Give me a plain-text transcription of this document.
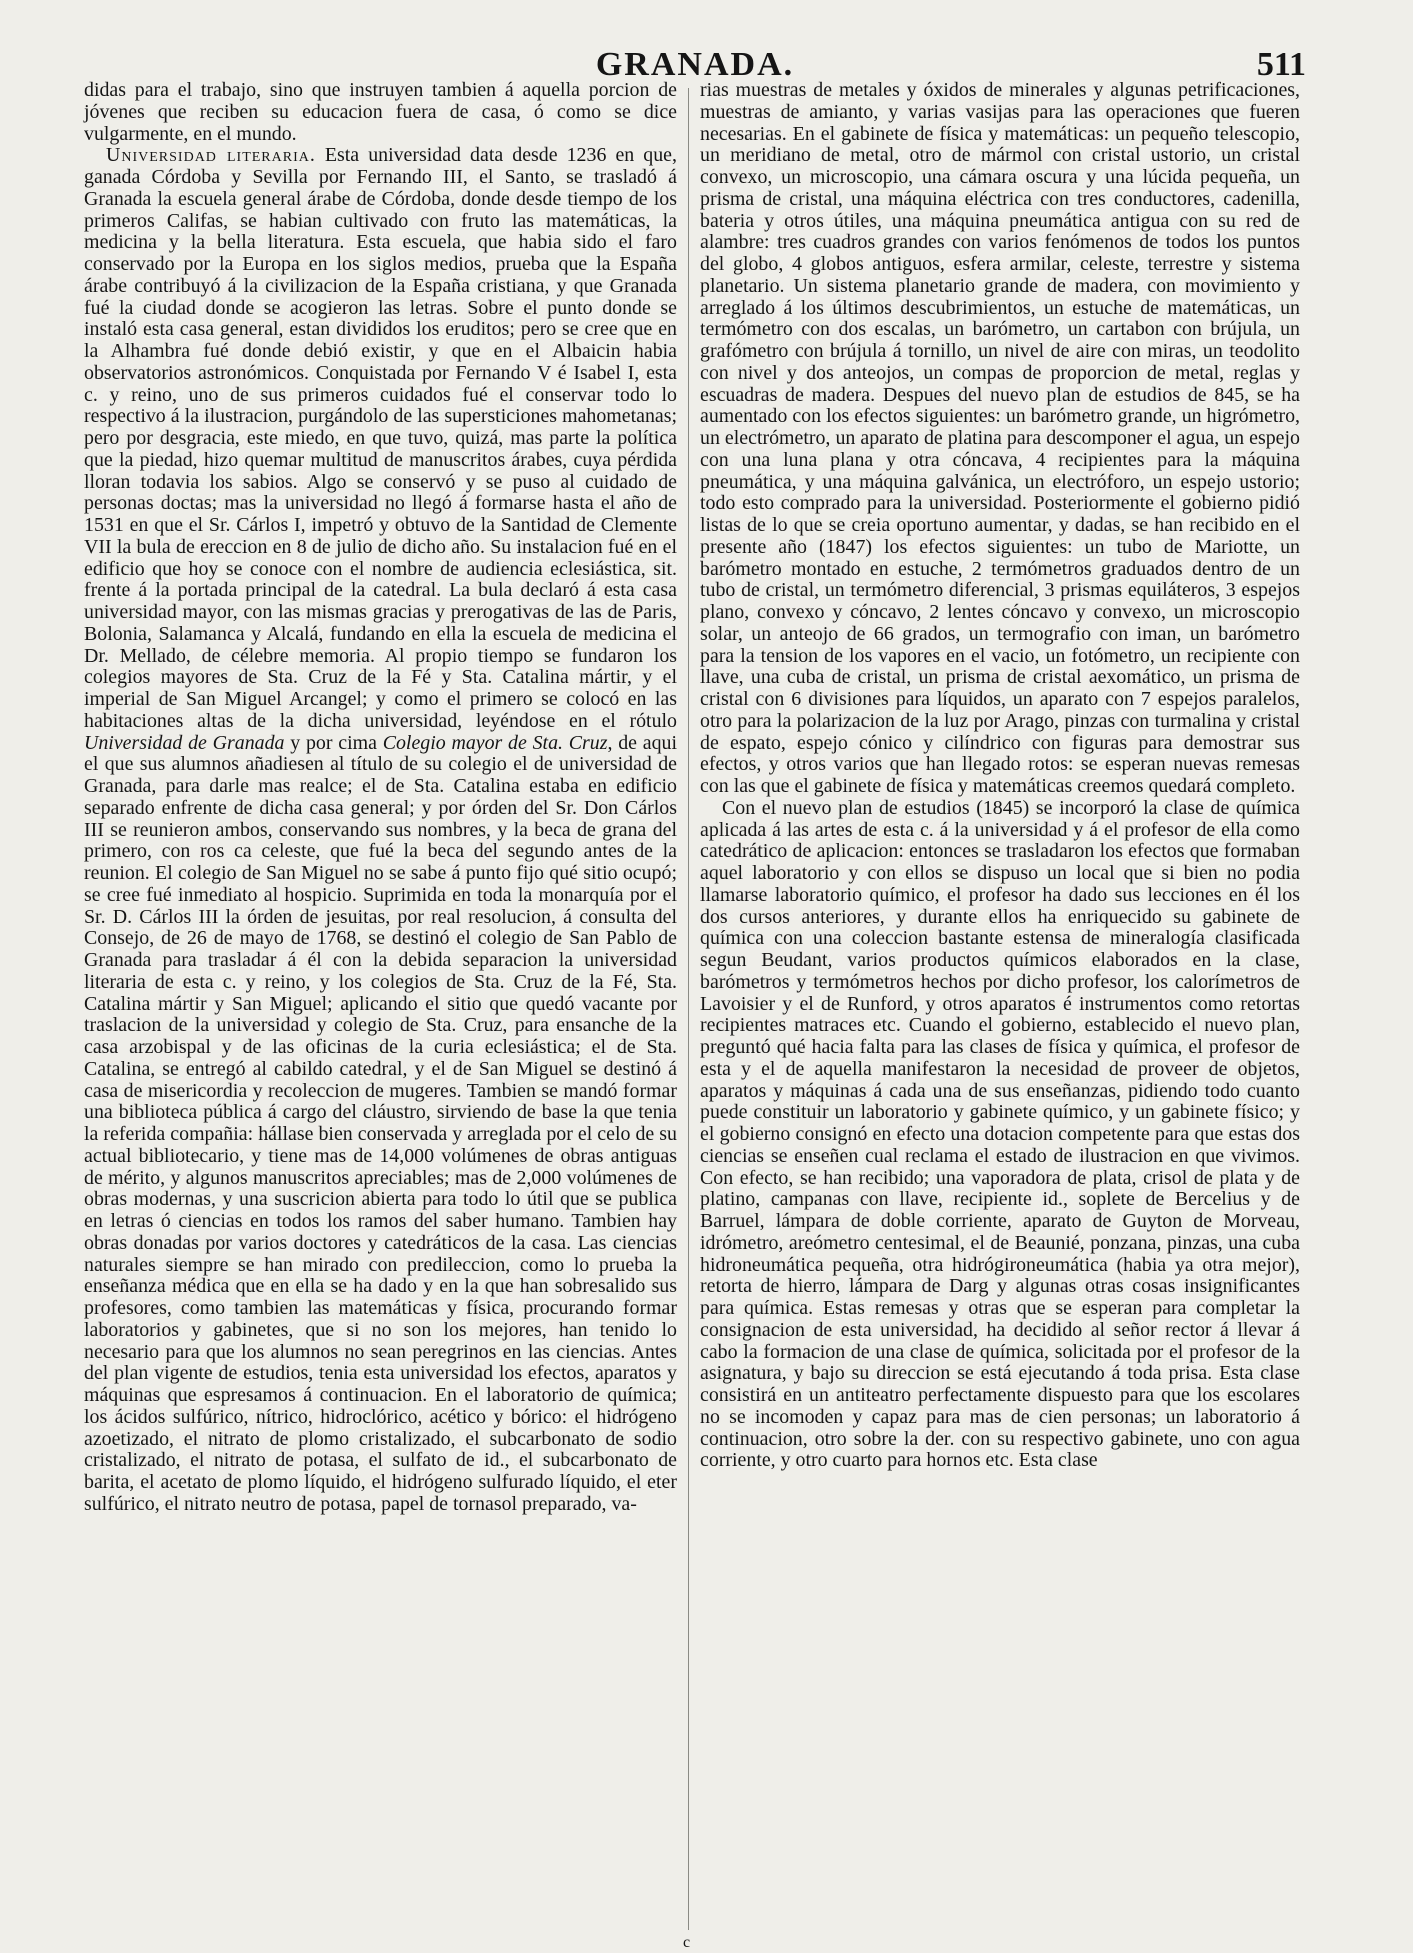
GRANADA.	511

didas para el trabajo, sino que instruyen tambien á aquella porcion de jóvenes que reciben su educacion fuera de casa, ó como se dice vulgarmente, en el mundo.

Universidad literaria. Esta universidad data desde 1236 en que, ganada Córdoba y Sevilla por Fernando III, el Santo, se trasladó á Granada la escuela general árabe de Córdoba, donde desde tiempo de los primeros Califas, se habian cultivado con fruto las matemáticas, la medicina y la bella literatura. Esta escuela, que habia sido el faro conservado por la Europa en los siglos medios, prueba que la España árabe contribuyó á la civilizacion de la España cristiana, y que Granada fué la ciudad donde se acogieron las letras. Sobre el punto donde se instaló esta casa general, estan divididos los eruditos; pero se cree que en la Alhambra fué donde debió existir, y que en el Albaicin habia observatorios astronómicos. Conquistada por Fernando V é Isabel I, esta c. y reino, uno de sus primeros cuidados fué el conservar todo lo respectivo á la ilustracion, purgándolo de las supersticiones mahometanas; pero por desgracia, este miedo, en que tuvo, quizá, mas parte la política que la piedad, hizo quemar multitud de manuscritos árabes, cuya pérdida lloran todavia los sabios. Algo se conservó y se puso al cuidado de personas doctas; mas la universidad no llegó á formarse hasta el año de 1531 en que el Sr. Cárlos I, impetró y obtuvo de la Santidad de Clemente VII la bula de ereccion en 8 de julio de dicho año. Su instalacion fué en el edificio que hoy se conoce con el nombre de audiencia eclesiástica, sit. frente á la portada principal de la catedral. La bula declaró á esta casa universidad mayor, con las mismas gracias y prerogativas de las de Paris, Bolonia, Salamanca y Alcalá, fundando en ella la escuela de medicina el Dr. Mellado, de célebre memoria. Al propio tiempo se fundaron los colegios mayores de Sta. Cruz de la Fé y Sta. Catalina mártir, y el imperial de San Miguel Arcangel; y como el primero se colocó en las habitaciones altas de la dicha universidad, leyéndose en el rótulo Universidad de Granada y por cima Colegio mayor de Sta. Cruz, de aqui el que sus alumnos añadiesen al título de su colegio el de universidad de Granada, para darle mas realce; el de Sta. Catalina estaba en edificio separado enfrente de dicha casa general; y por órden del Sr. Don Cárlos III se reunieron ambos, conservando sus nombres, y la beca de grana del primero, con ros ca celeste, que fué la beca del segundo antes de la reunion. El colegio de San Miguel no se sabe á punto fijo qué sitio ocupó; se cree fué inmediato al hospicio. Suprimida en toda la monarquía por el Sr. D. Cárlos III la órden de jesuitas, por real resolucion, á consulta del Consejo, de 26 de mayo de 1768, se destinó el colegio de San Pablo de Granada para trasladar á él con la debida separacion la universidad literaria de esta c. y reino, y los colegios de Sta. Cruz de la Fé, Sta. Catalina mártir y San Miguel; aplicando el sitio que quedó vacante por traslacion de la universidad y colegio de Sta. Cruz, para ensanche de la casa arzobispal y de las oficinas de la curia eclesiástica; el de Sta. Catalina, se entregó al cabildo catedral, y el de San Miguel se destinó á casa de misericordia y recoleccion de mugeres. Tambien se mandó formar una biblioteca pública á cargo del cláustro, sirviendo de base la que tenia la referida compañia: hállase bien conservada y arreglada por el celo de su actual bibliotecario, y tiene mas de 14,000 volúmenes de obras antiguas de mérito, y algunos manuscritos apreciables; mas de 2,000 volúmenes de obras modernas, y una suscricion abierta para todo lo útil que se publica en letras ó ciencias en todos los ramos del saber humano. Tambien hay obras donadas por varios doctores y catedráticos de la casa. Las ciencias naturales siempre se han mirado con predileccion, como lo prueba la enseñanza médica que en ella se ha dado y en la que han sobresalido sus profesores, como tambien las matemáticas y física, procurando formar laboratorios y gabinetes, que si no son los mejores, han tenido lo necesario para que los alumnos no sean peregrinos en las ciencias. Antes del plan vigente de estudios, tenia esta universidad los efectos, aparatos y máquinas que espresamos á continuacion. En el laboratorio de química; los ácidos sulfúrico, nítrico, hidroclórico, acético y bórico: el hidrógeno azoetizado, el nitrato de plomo cristalizado, el subcarbonato de sodio cristalizado, el nitrato de potasa, el sulfato de id., el subcarbonato de barita, el acetato de plomo líquido, el hidrógeno sulfurado líquido, el eter sulfúrico, el nitrato neutro de potasa, papel de tornasol preparado, va-

rias muestras de metales y óxidos de minerales y algunas petrificaciones, muestras de amianto, y varias vasijas para las operaciones que fueren necesarias. En el gabinete de física y matemáticas: un pequeño telescopio, un meridiano de metal, otro de mármol con cristal ustorio, un cristal convexo, un microscopio, una cámara oscura y una lúcida pequeña, un prisma de cristal, una máquina eléctrica con tres conductores, cadenilla, bateria y otros útiles, una máquina pneumática antigua con su red de alambre: tres cuadros grandes con varios fenómenos de todos los puntos del globo, 4 globos antiguos, esfera armilar, celeste, terrestre y sistema planetario. Un sistema planetario grande de madera, con movimiento y arreglado á los últimos descubrimientos, un estuche de matemáticas, un termómetro con dos escalas, un barómetro, un cartabon con brújula, un grafómetro con brújula á tornillo, un nivel de aire con miras, un teodolito con nivel y dos anteojos, un compas de proporcion de metal, reglas y escuadras de madera. Despues del nuevo plan de estudios de 845, se ha aumentado con los efectos siguientes: un barómetro grande, un higrómetro, un electrómetro, un aparato de platina para descomponer el agua, un espejo con una luna plana y otra cóncava, 4 recipientes para la máquina pneumática, y una máquina galvánica, un electróforo, un espejo ustorio; todo esto comprado para la universidad. Posteriormente el gobierno pidió listas de lo que se creia oportuno aumentar, y dadas, se han recibido en el presente año (1847) los efectos siguientes: un tubo de Mariotte, un barómetro montado en estuche, 2 termómetros graduados dentro de un tubo de cristal, un termómetro diferencial, 3 prismas equiláteros, 3 espejos plano, convexo y cóncavo, 2 lentes cóncavo y convexo, un microscopio solar, un anteojo de 66 grados, un termografio con iman, un barómetro para la tension de los vapores en el vacio, un fotómetro, un recipiente con llave, una cuba de cristal, un prisma de cristal aexomático, un prisma de cristal con 6 divisiones para líquidos, un aparato con 7 espejos paralelos, otro para la polarizacion de la luz por Arago, pinzas con turmalina y cristal de espato, espejo cónico y cilíndrico con figuras para demostrar sus efectos, y otros varios que han llegado rotos: se esperan nuevas remesas con las que el gabinete de física y matemáticas creemos quedará completo.

Con el nuevo plan de estudios (1845) se incorporó la clase de química aplicada á las artes de esta c. á la universidad y á el profesor de ella como catedrático de aplicacion: entonces se trasladaron los efectos que formaban aquel laboratorio y con ellos se dispuso un local que si bien no podia llamarse laboratorio químico, el profesor ha dado sus lecciones en él los dos cursos anteriores, y durante ellos ha enriquecido su gabinete de química con una coleccion bastante estensa de mineralogía clasificada segun Beudant, varios productos químicos elaborados en la clase, barómetros y termómetros hechos por dicho profesor, los calorímetros de Lavoisier y el de Runford, y otros aparatos é instrumentos como retortas recipientes matraces etc. Cuando el gobierno, establecido el nuevo plan, preguntó qué hacia falta para las clases de física y química, el profesor de esta y el de aquella manifestaron la necesidad de proveer de objetos, aparatos y máquinas á cada una de sus enseñanzas, pidiendo todo cuanto puede constituir un laboratorio y gabinete químico, y un gabinete físico; y el gobierno consignó en efecto una dotacion competente para que estas dos ciencias se enseñen cual reclama el estado de ilustracion en que vivimos. Con efecto, se han recibido; una vaporadora de plata, crisol de plata y de platino, campanas con llave, recipiente id., soplete de Bercelius y de Barruel, lámpara de doble corriente, aparato de Guyton de Morveau, idrómetro, areómetro centesimal, el de Beaunié, ponzana, pinzas, una cuba hidroneumática pequeña, otra hidrógironeumática (habia ya otra mejor), retorta de hierro, lámpara de Darg y algunas otras cosas insignificantes para química. Estas remesas y otras que se esperan para completar la consignacion de esta universidad, ha decidido al señor rector á llevar á cabo la formacion de una clase de química, solicitada por el profesor de la asignatura, y bajo su direccion se está ejecutando á toda prisa. Esta clase consistirá en un antiteatro perfectamente dispuesto para que los escolares no se incomoden y capaz para mas de cien personas; un laboratorio á continuacion, otro sobre la der. con su respectivo gabinete, uno con agua corriente, y otro cuarto para hornos etc. Esta clase

c
